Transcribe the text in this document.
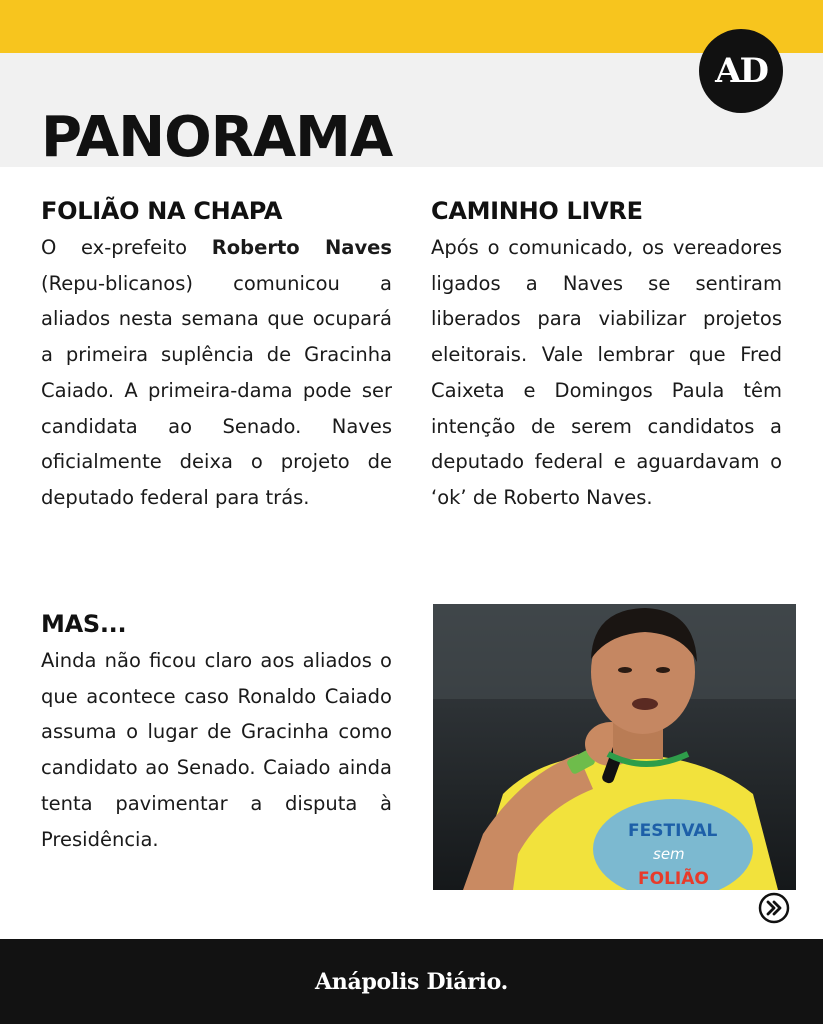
PANORAMA
AD
FOLIÃO NA CHAPA
O ex-prefeito Roberto Naves (Repu-blicanos) comunicou a aliados nesta semana que ocupará a primeira suplência de Gracinha Caiado. A primeira-dama pode ser candidata ao Senado. Naves oficialmente deixa o projeto de deputado federal para trás.
MAS...
Ainda não ficou claro aos aliados o que acontece caso Ronaldo Caiado assuma o lugar de Gracinha como candidato ao Senado. Caiado ainda tenta pavimentar a disputa à Presidência.
CAMINHO LIVRE
Após o comunicado, os vereadores ligados a Naves se sentiram liberados para viabilizar projetos eleitorais. Vale lembrar que Fred Caixeta e Domingos Paula têm intenção de serem candidatos a deputado federal e aguardavam o ‘ok’ de Roberto Naves.
FESTIVAL
sem
FOLIÃO
Anápolis Diário.
